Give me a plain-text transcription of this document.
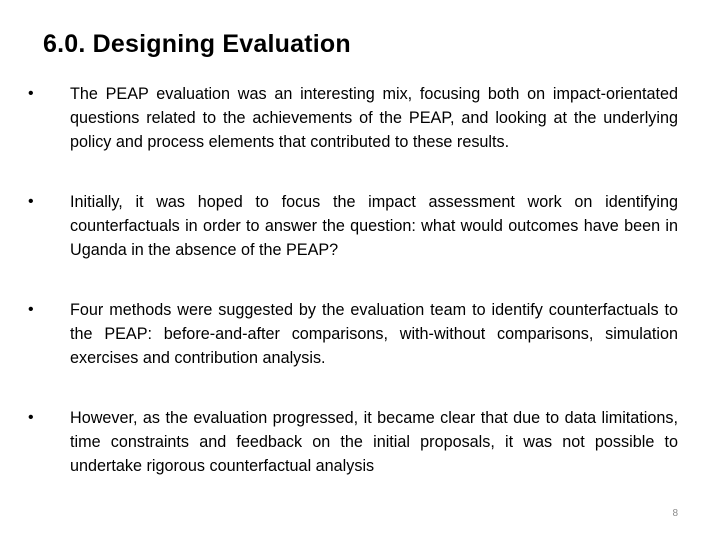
6.0. Designing Evaluation
•	The PEAP evaluation was an interesting mix, focusing both on impact-orientated questions related to the achievements of the PEAP, and looking at the underlying policy and process elements that contributed to these results.
•	Initially, it was hoped to focus the impact assessment work on identifying counterfactuals in order to answer the question: what would outcomes have been in Uganda in the absence of the PEAP?
•	Four methods were suggested by the evaluation team to identify counterfactuals to the PEAP: before-and-after comparisons, with-without comparisons, simulation exercises and contribution analysis.
•	However, as the evaluation progressed, it became clear that due to data limitations, time constraints and feedback on the initial proposals, it was not possible to undertake rigorous counterfactual analysis
8
